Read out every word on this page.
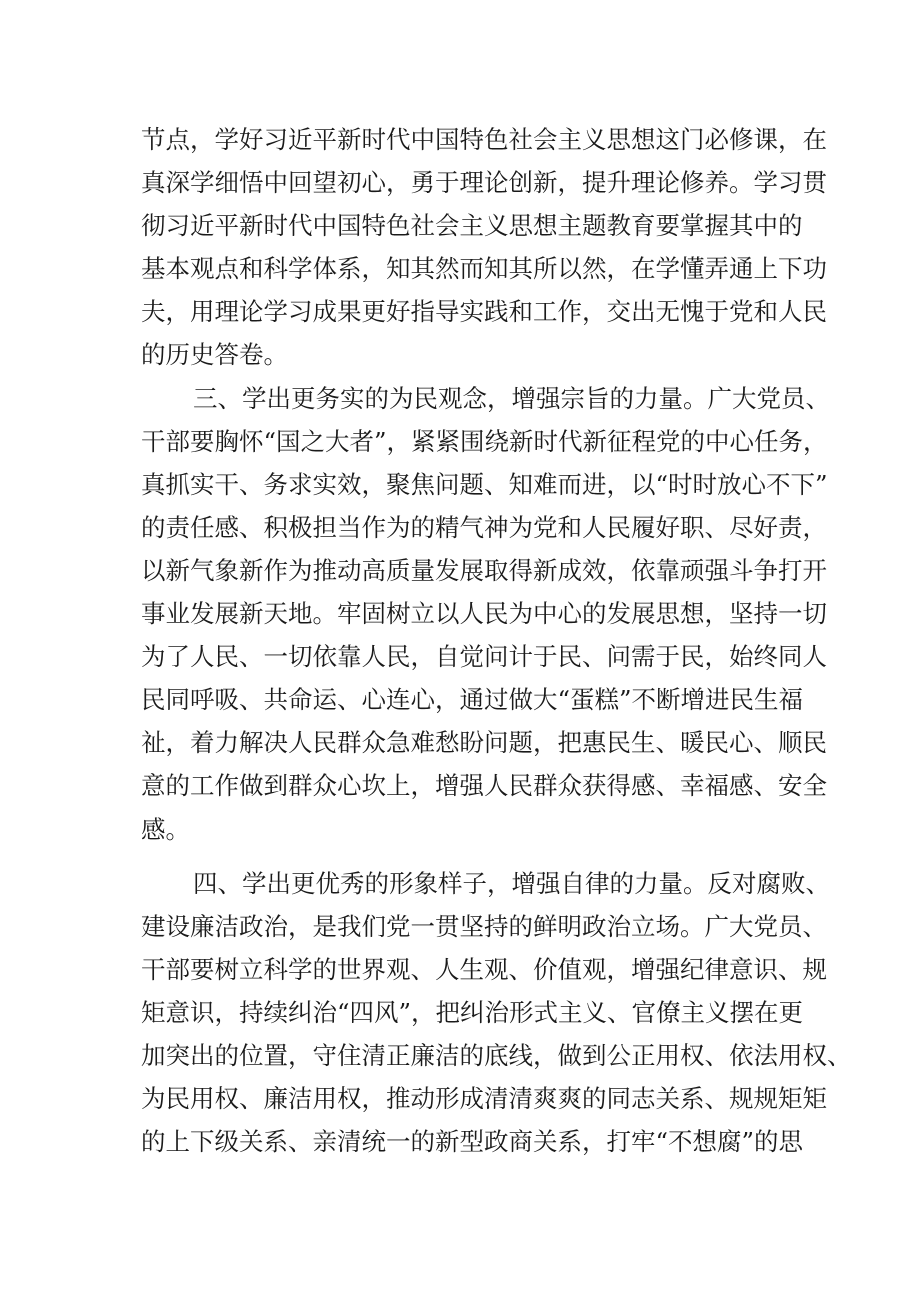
节点，学好习近平新时代中国特色社会主义思想这门必修课，在
真深学细悟中回望初心，勇于理论创新，提升理论修养。学习贯
彻习近平新时代中国特色社会主义思想主题教育要掌握其中的
基本观点和科学体系，知其然而知其所以然，在学懂弄通上下功
夫，用理论学习成果更好指导实践和工作，交出无愧于党和人民
的历史答卷。
三、学出更务实的为民观念，增强宗旨的力量。广大党员、
干部要胸怀“国之大者”，紧紧围绕新时代新征程党的中心任务，
真抓实干、务求实效，聚焦问题、知难而进，以“时时放心不下”
的责任感、积极担当作为的精气神为党和人民履好职、尽好责，
以新气象新作为推动高质量发展取得新成效，依靠顽强斗争打开
事业发展新天地。牢固树立以人民为中心的发展思想，坚持一切
为了人民、一切依靠人民，自觉问计于民、问需于民，始终同人
民同呼吸、共命运、心连心，通过做大“蛋糕”不断增进民生福
祉，着力解决人民群众急难愁盼问题，把惠民生、暖民心、顺民
意的工作做到群众心坎上，增强人民群众获得感、幸福感、安全
感。
四、学出更优秀的形象样子，增强自律的力量。反对腐败、
建设廉洁政治，是我们党一贯坚持的鲜明政治立场。广大党员、
干部要树立科学的世界观、人生观、价值观，增强纪律意识、规
矩意识，持续纠治“四风”，把纠治形式主义、官僚主义摆在更
加突出的位置，守住清正廉洁的底线，做到公正用权、依法用权、
为民用权、廉洁用权，推动形成清清爽爽的同志关系、规规矩矩
的上下级关系、亲清统一的新型政商关系，打牢“不想腐”的思
